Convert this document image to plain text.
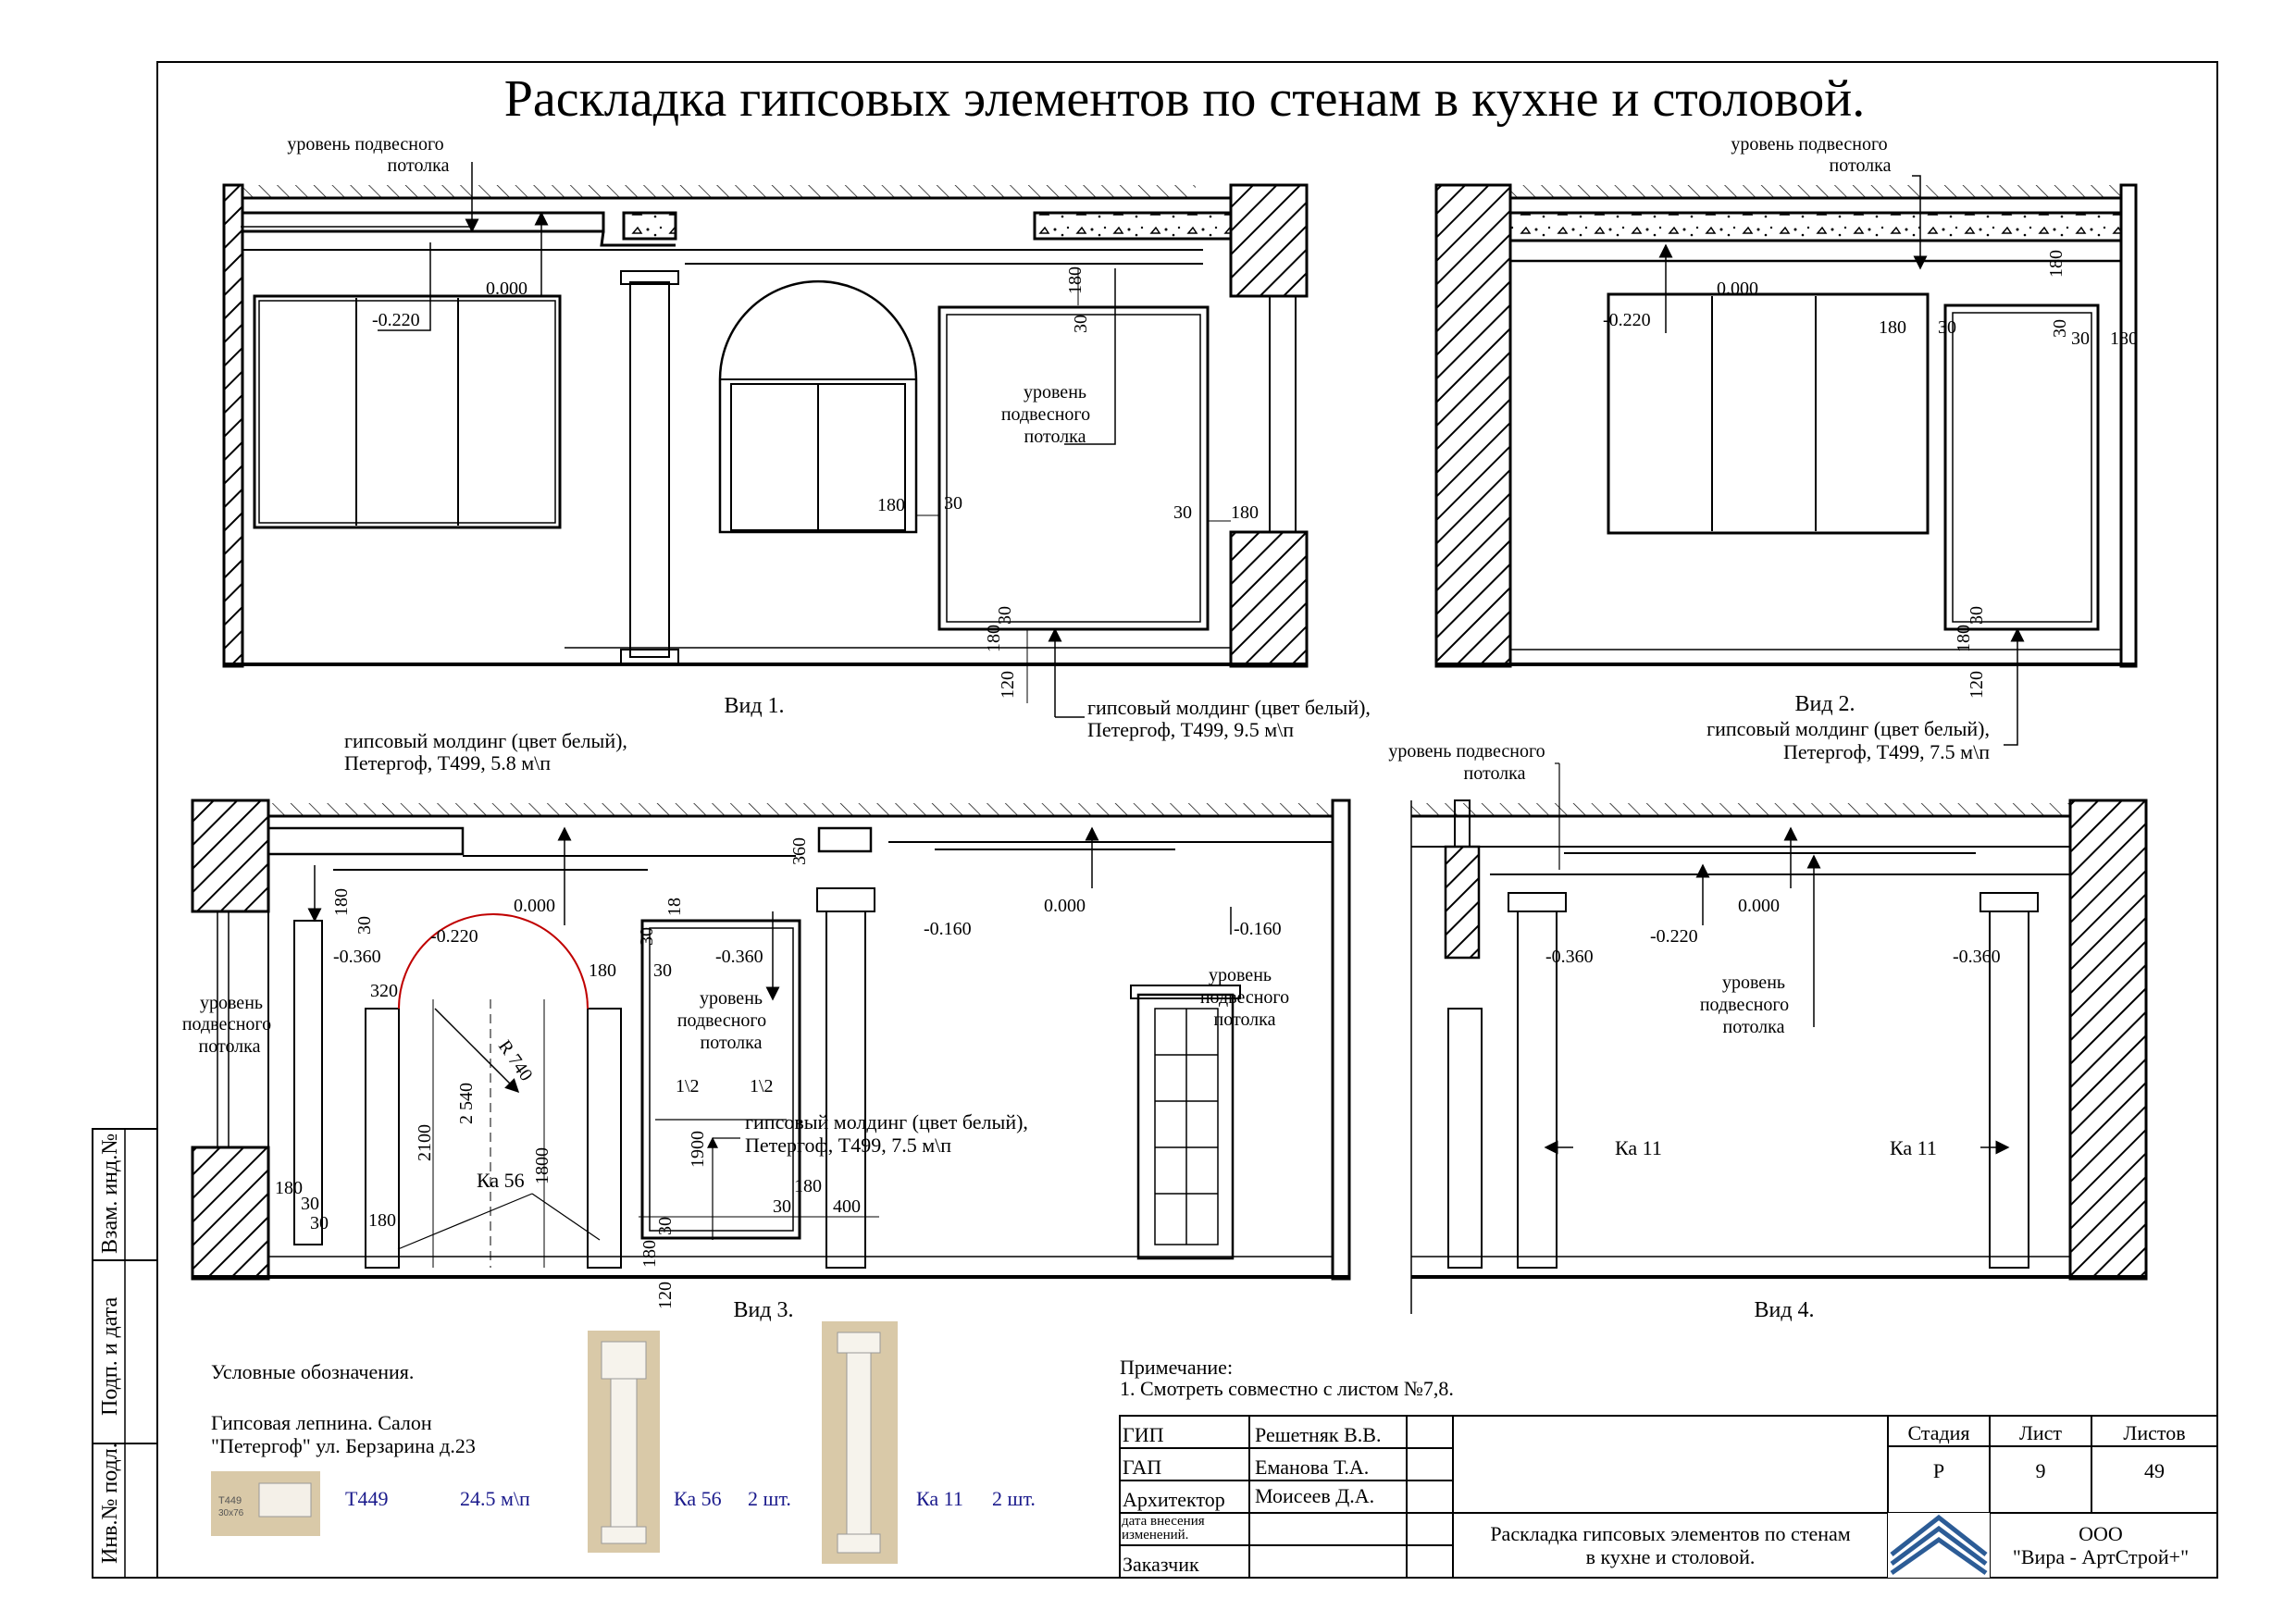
Взам. инд.№
Подп. и дата
Инв.№ подл.
Раскладка гипсовых элементов по стенам в кухне и столовой.
уровень подвесного
потолка
0.000
-0.220
уровень
подвесного
потолка
180 30	30 180
180
30
30
180
120
гипсовый молдинг (цвет белый),
Петергоф, Т499, 9.5 м\п
Вид 1.
уровень подвесного
потолка
0.000
-0.220	180 30
30 180
180
30
30
180
120
Вид 2.
гипсовый молдинг (цвет белый),
Петергоф, Т499, 7.5 м\п
гипсовый молдинг (цвет белый),
Петергоф, Т499, 5.8 м\п
0.000	0.000
-0.220
-0.360	-0.360
-0.160	-0.160
уровень
подвесного
потолка
уровень
подвесного
потолка
уровень
подвесного
потолка
320
R 740
2100
2 540
1800
Ка 56
180
30
30 180
180 30
180
30
360
18
30
1\2	1\2
1900
30
180
400
30
180
120
гипсовый молдинг (цвет белый),
Петергоф, Т499, 7.5 м\п
Вид 3.
уровень подвесного
потолка
0.000
-0.220
-0.360	-0.360
уровень
подвесного
потолка
Ка 11	Ка 11
Вид 4.
Условные обозначения.
Гипсовая лепнина. Салон
"Петергоф" ул. Берзарина д.23
Т449
30х76
Т449	24.5 м\п	Ка 56 2 шт.	Ка 11 2 шт.
Примечание:
1. Смотреть совместно с листом №7,8.
ГИП	Решетняк В.В.
ГАП	Еманова Т.А.
Архитектор Моисеев Д.А.
дата внесения изменений.
Заказчик
Стадия Лист	Листов
Р	9	49
Раскладка гипсовых элементов по стенам
в кухне и столовой.
ООО
"Вира - АртСтрой+"
